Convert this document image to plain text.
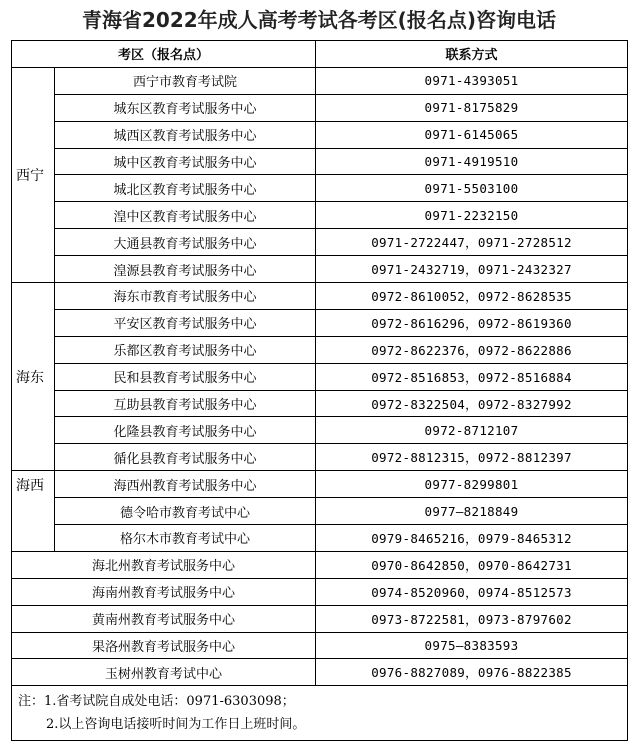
青海省2022年成人高考考试各考区(报名点)咨询电话
考区（报名点）		联系方式
西宁	西宁市教育考试院	0971-4393051
	城东区教育考试服务中心	0971-8175829
	城西区教育考试服务中心	0971-6145065
	城中区教育考试服务中心	0971-4919510
	城北区教育考试服务中心	0971-5503100
	湟中区教育考试服务中心	0971-2232150
	大通县教育考试服务中心	0971-2722447，0971-2728512
	湟源县教育考试服务中心	0971-2432719，0971-2432327
海东	海东市教育考试服务中心	0972-8610052，0972-8628535
	平安区教育考试服务中心	0972-8616296，0972-8619360
	乐都区教育考试服务中心	0972-8622376，0972-8622886
	民和县教育考试服务中心	0972-8516853，0972-8516884
	互助县教育考试服务中心	0972-8322504，0972-8327992
	化隆县教育考试服务中心	0972-8712107
	循化县教育考试服务中心	0972-8812315，0972-8812397
海西	海西州教育考试服务中心	0977-8299801
	德令哈市教育考试中心	0977—8218849
	格尔木市教育考试中心	0979-8465216，0979-8465312
海北州教育考试服务中心		0970-8642850，0970-8642731
海南州教育考试服务中心		0974-8520960，0974-8512573
黄南州教育考试服务中心		0973-8722581，0973-8797602
果洛州教育考试服务中心		0975—8383593
玉树州教育考试中心		0976-8827089，0976-8822385

注：1.省考试院自成处电话：0971-6303098；
2.以上咨询电话接听时间为工作日上班时间。		
